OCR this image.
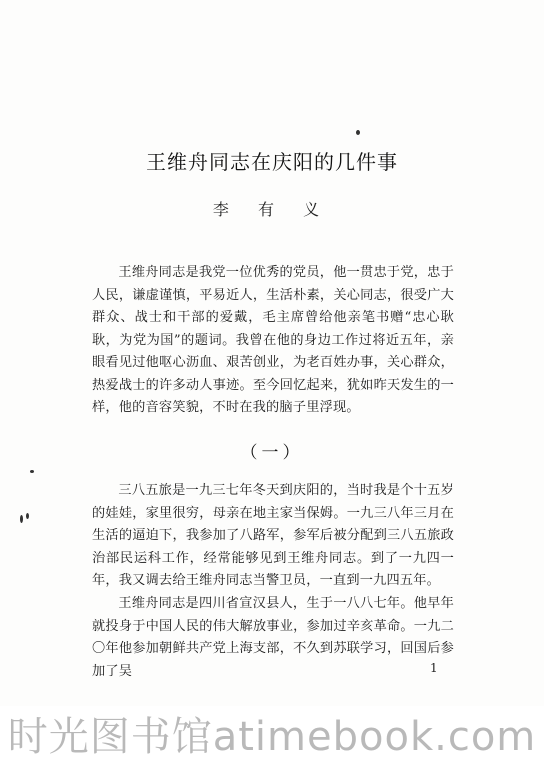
王维舟同志在庆阳的几件事
李 有 义

王维舟同志是我党一位优秀的党员，他一贯忠于党，忠于人民，谦虚谨慎，平易近人，生活朴素，关心同志，很受广大群众、战士和干部的爱戴，毛主席曾给他亲笔书赠“忠心耿耿，为党为国”的题词。我曾在他的身边工作过将近五年，亲眼看见过他呕心沥血、艰苦创业，为老百姓办事，关心群众，热爱战士的许多动人事迹。至今回忆起来，犹如昨天发生的一样，他的音容笑貌，不时在我的脑子里浮现。

（一）

三八五旅是一九三七年冬天到庆阳的，当时我是个十五岁的娃娃，家里很穷，母亲在地主家当保姆。一九三八年三月在生活的逼迫下，我参加了八路军，参军后被分配到三八五旅政治部民运科工作，经常能够见到王维舟同志。到了一九四一年，我又调去给王维舟同志当警卫员，一直到一九四五年。

王维舟同志是四川省宣汉县人，生于一八八七年。他早年就投身于中国人民的伟大解放事业，参加过辛亥革命。一九二〇年他参加朝鲜共产党上海支部，不久到苏联学习，回国后参加了吴	1
时光图书馆atimebook.com
